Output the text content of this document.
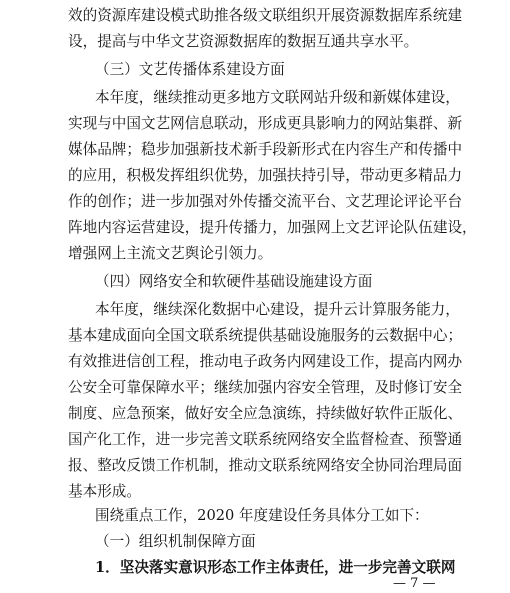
效的资源库建设模式助推各级文联组织开展资源数据库系统建
设，提高与中华文艺资源数据库的数据互通共享水平。
（三）文艺传播体系建设方面
本年度，继续推动更多地方文联网站升级和新媒体建设，
实现与中国文艺网信息联动，形成更具影响力的网站集群、新
媒体品牌；稳步加强新技术新手段新形式在内容生产和传播中
的应用，积极发挥组织优势，加强扶持引导，带动更多精品力
作的创作；进一步加强对外传播交流平台、文艺理论评论平台
阵地内容运营建设，提升传播力，加强网上文艺评论队伍建设，
增强网上主流文艺舆论引领力。
（四）网络安全和软硬件基础设施建设方面
本年度，继续深化数据中心建设，提升云计算服务能力，
基本建成面向全国文联系统提供基础设施服务的云数据中心；
有效推进信创工程，推动电子政务内网建设工作，提高内网办
公安全可靠保障水平；继续加强内容安全管理，及时修订安全
制度、应急预案，做好安全应急演练，持续做好软件正版化、
国产化工作，进一步完善文联系统网络安全监督检查、预警通
报、整改反馈工作机制，推动文联系统网络安全协同治理局面
基本形成。
围绕重点工作，2020 年度建设任务具体分工如下：
（一）组织机制保障方面
— 7 —
1．坚决落实意识形态工作主体责任，进一步完善文联网
